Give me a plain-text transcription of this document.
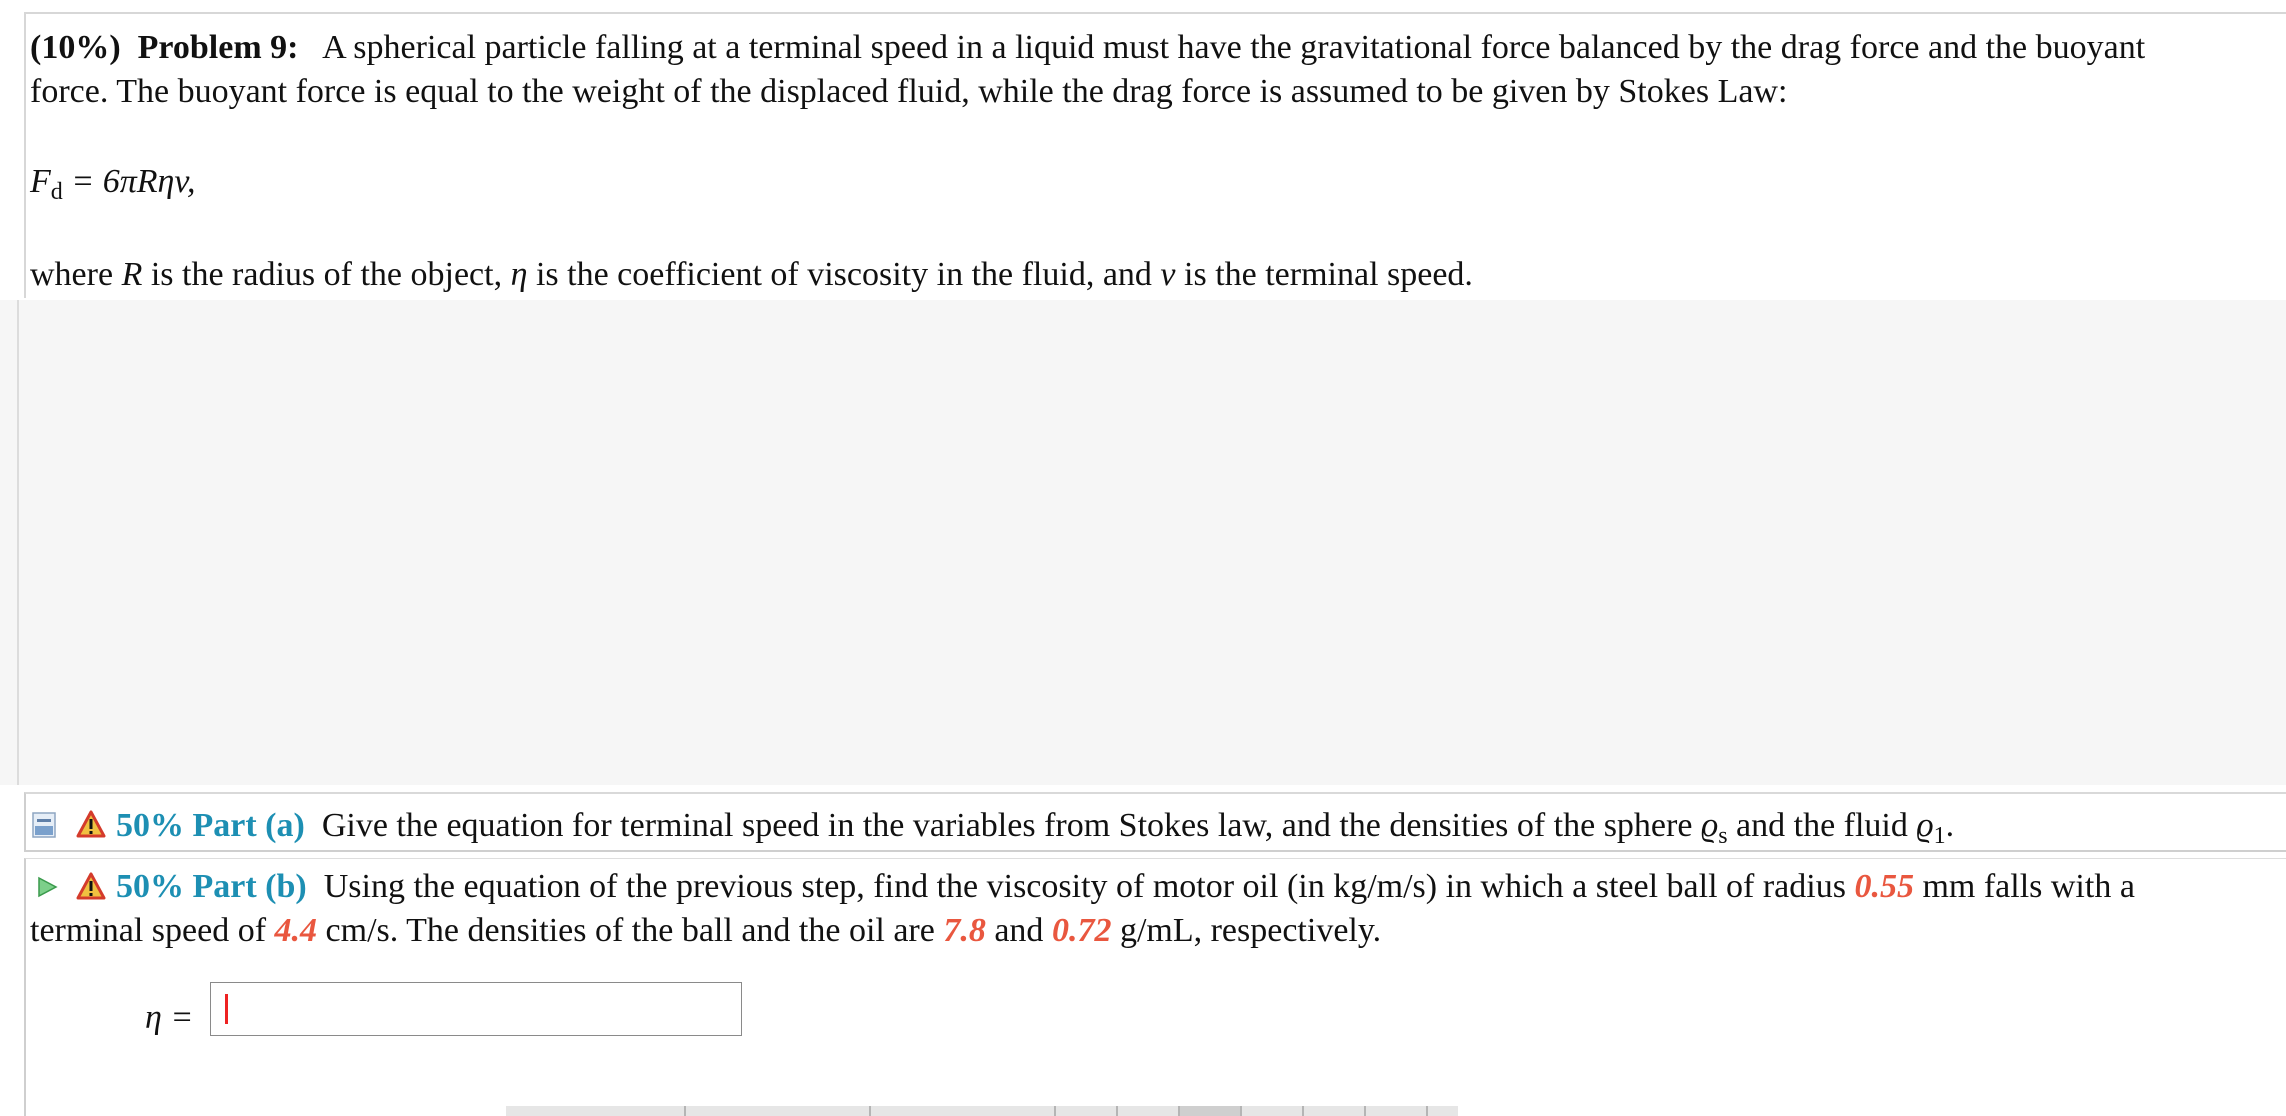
(10%) Problem 9: A spherical particle falling at a terminal speed in a liquid must have the gravitational force balanced by the drag force and the buoyant
force. The buoyant force is equal to the weight of the displaced fluid, while the drag force is assumed to be given by Stokes Law:
$F_d = 6\pi R\eta v$,
where R is the radius of the object, η is the coefficient of viscosity in the fluid, and v is the terminal speed.
50% Part (a) Give the equation for terminal speed in the variables from Stokes law, and the densities of the sphere $ϱ_s$ and the fluid $ϱ_1$.
50% Part (b) Using the equation of the previous step, find the viscosity of motor oil (in kg/m/s) in which a steel ball of radius 0.55 mm falls with a
terminal speed of 4.4 cm/s. The densities of the ball and the oil are 7.8 and 0.72 g/mL, respectively.
η =
